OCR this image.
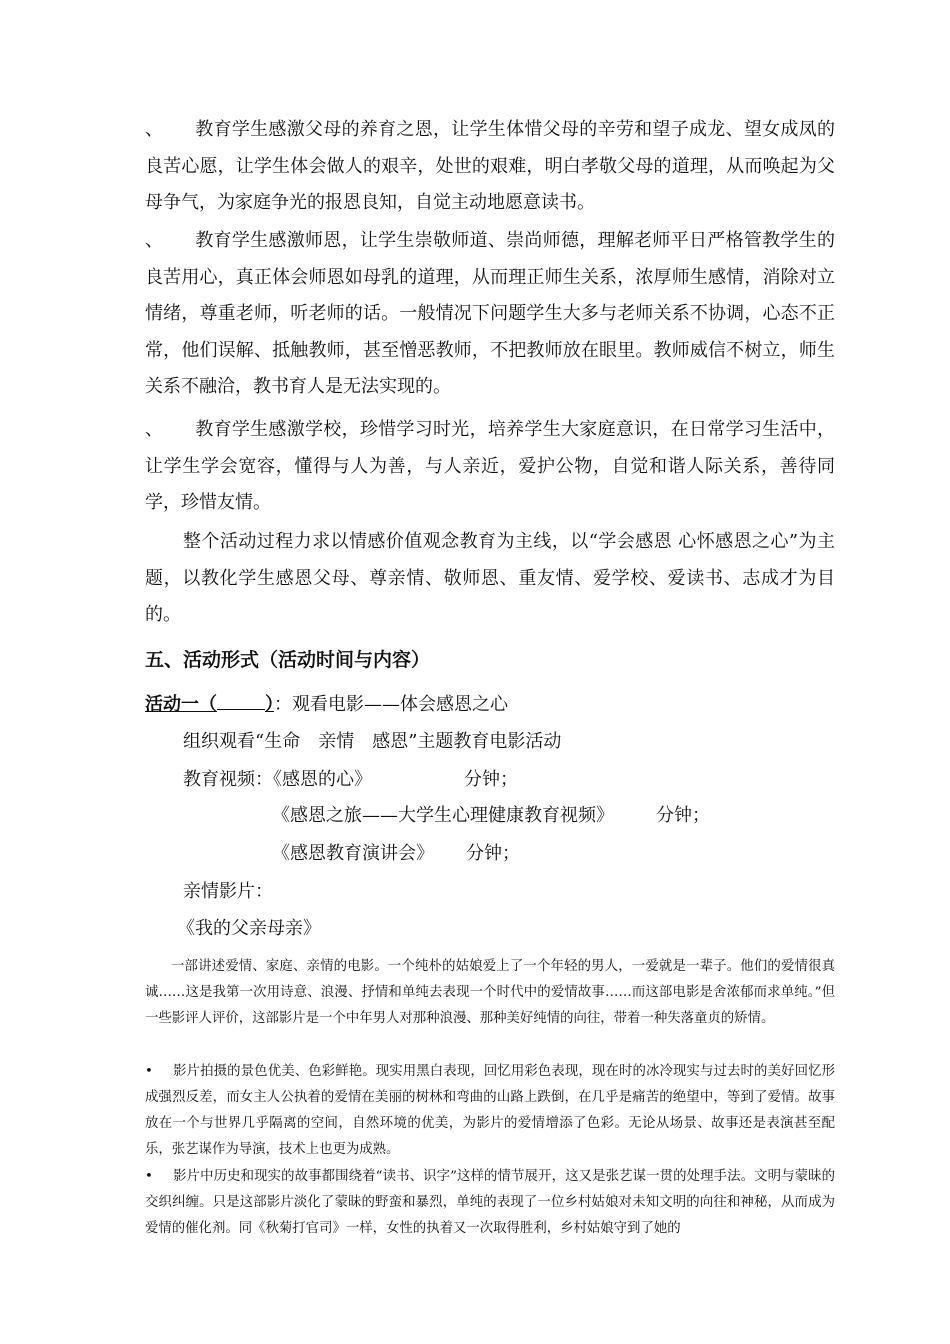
、 教育学生感激父母的养育之恩，让学生体惜父母的辛劳和望子成龙、望女成凤的良苦心愿，让学生体会做人的艰辛，处世的艰难，明白孝敬父母的道理，从而唤起为父母争气，为家庭争光的报恩良知，自觉主动地愿意读书。

、 教育学生感激师恩，让学生崇敬师道、崇尚师德，理解老师平日严格管教学生的良苦用心，真正体会师恩如母乳的道理，从而理正师生关系，浓厚师生感情，消除对立情绪，尊重老师，听老师的话。一般情况下问题学生大多与老师关系不协调，心态不正常，他们误解、抵触教师，甚至憎恶教师，不把教师放在眼里。教师威信不树立，师生关系不融洽，教书育人是无法实现的。

、 教育学生感激学校，珍惜学习时光，培养学生大家庭意识，在日常学习生活中，让学生学会宽容，懂得与人为善，与人亲近，爱护公物，自觉和谐人际关系，善待同学，珍惜友情。

整个活动过程力求以情感价值观念教育为主线，以“学会感恩 心怀感恩之心”为主题，以教化学生感恩父母、尊亲情、敬师恩、重友情、爱学校、爱读书、志成才为目的。

五、活动形式（活动时间与内容）

活动一（	）：观看电影——体会感恩之心

组织观看“生命　亲情　感恩”主题教育电影活动

教育视频：《感恩的心》	分钟；

《感恩之旅——大学生心理健康教育视频》 分钟；

《感恩教育演讲会》 分钟；

亲情影片：

《我的父亲母亲》

一部讲述爱情、家庭、亲情的电影。一个纯朴的姑娘爱上了一个年轻的男人，一爱就是一辈子。他们的爱情很真诚……这是我第一次用诗意、浪漫、抒情和单纯去表现一个时代中的爱情故事……而这部电影是舍浓郁而求单纯。”但一些影评人评价，这部影片是一个中年男人对那种浪漫、那种美好纯情的向往，带着一种失落童贞的矫情。

• 影片拍摄的景色优美、色彩鲜艳。现实用黑白表现，回忆用彩色表现，现在时的冰冷现实与过去时的美好回忆形成强烈反差，而女主人公执着的爱情在美丽的树林和弯曲的山路上跌倒，在几乎是痛苦的绝望中，等到了爱情。故事放在一个与世界几乎隔离的空间，自然环境的优美，为影片的爱情增添了色彩。无论从场景、故事还是表演甚至配乐，张艺谋作为导演，技术上也更为成熟。

• 影片中历史和现实的故事都围绕着“读书、识字”这样的情节展开，这又是张艺谋一贯的处理手法。文明与蒙昧的交织纠缠。只是这部影片淡化了蒙昧的野蛮和暴烈，单纯的表现了一位乡村姑娘对未知文明的向往和神秘，从而成为爱情的催化剂。同《秋菊打官司》一样，女性的执着又一次取得胜利，乡村姑娘守到了她的
